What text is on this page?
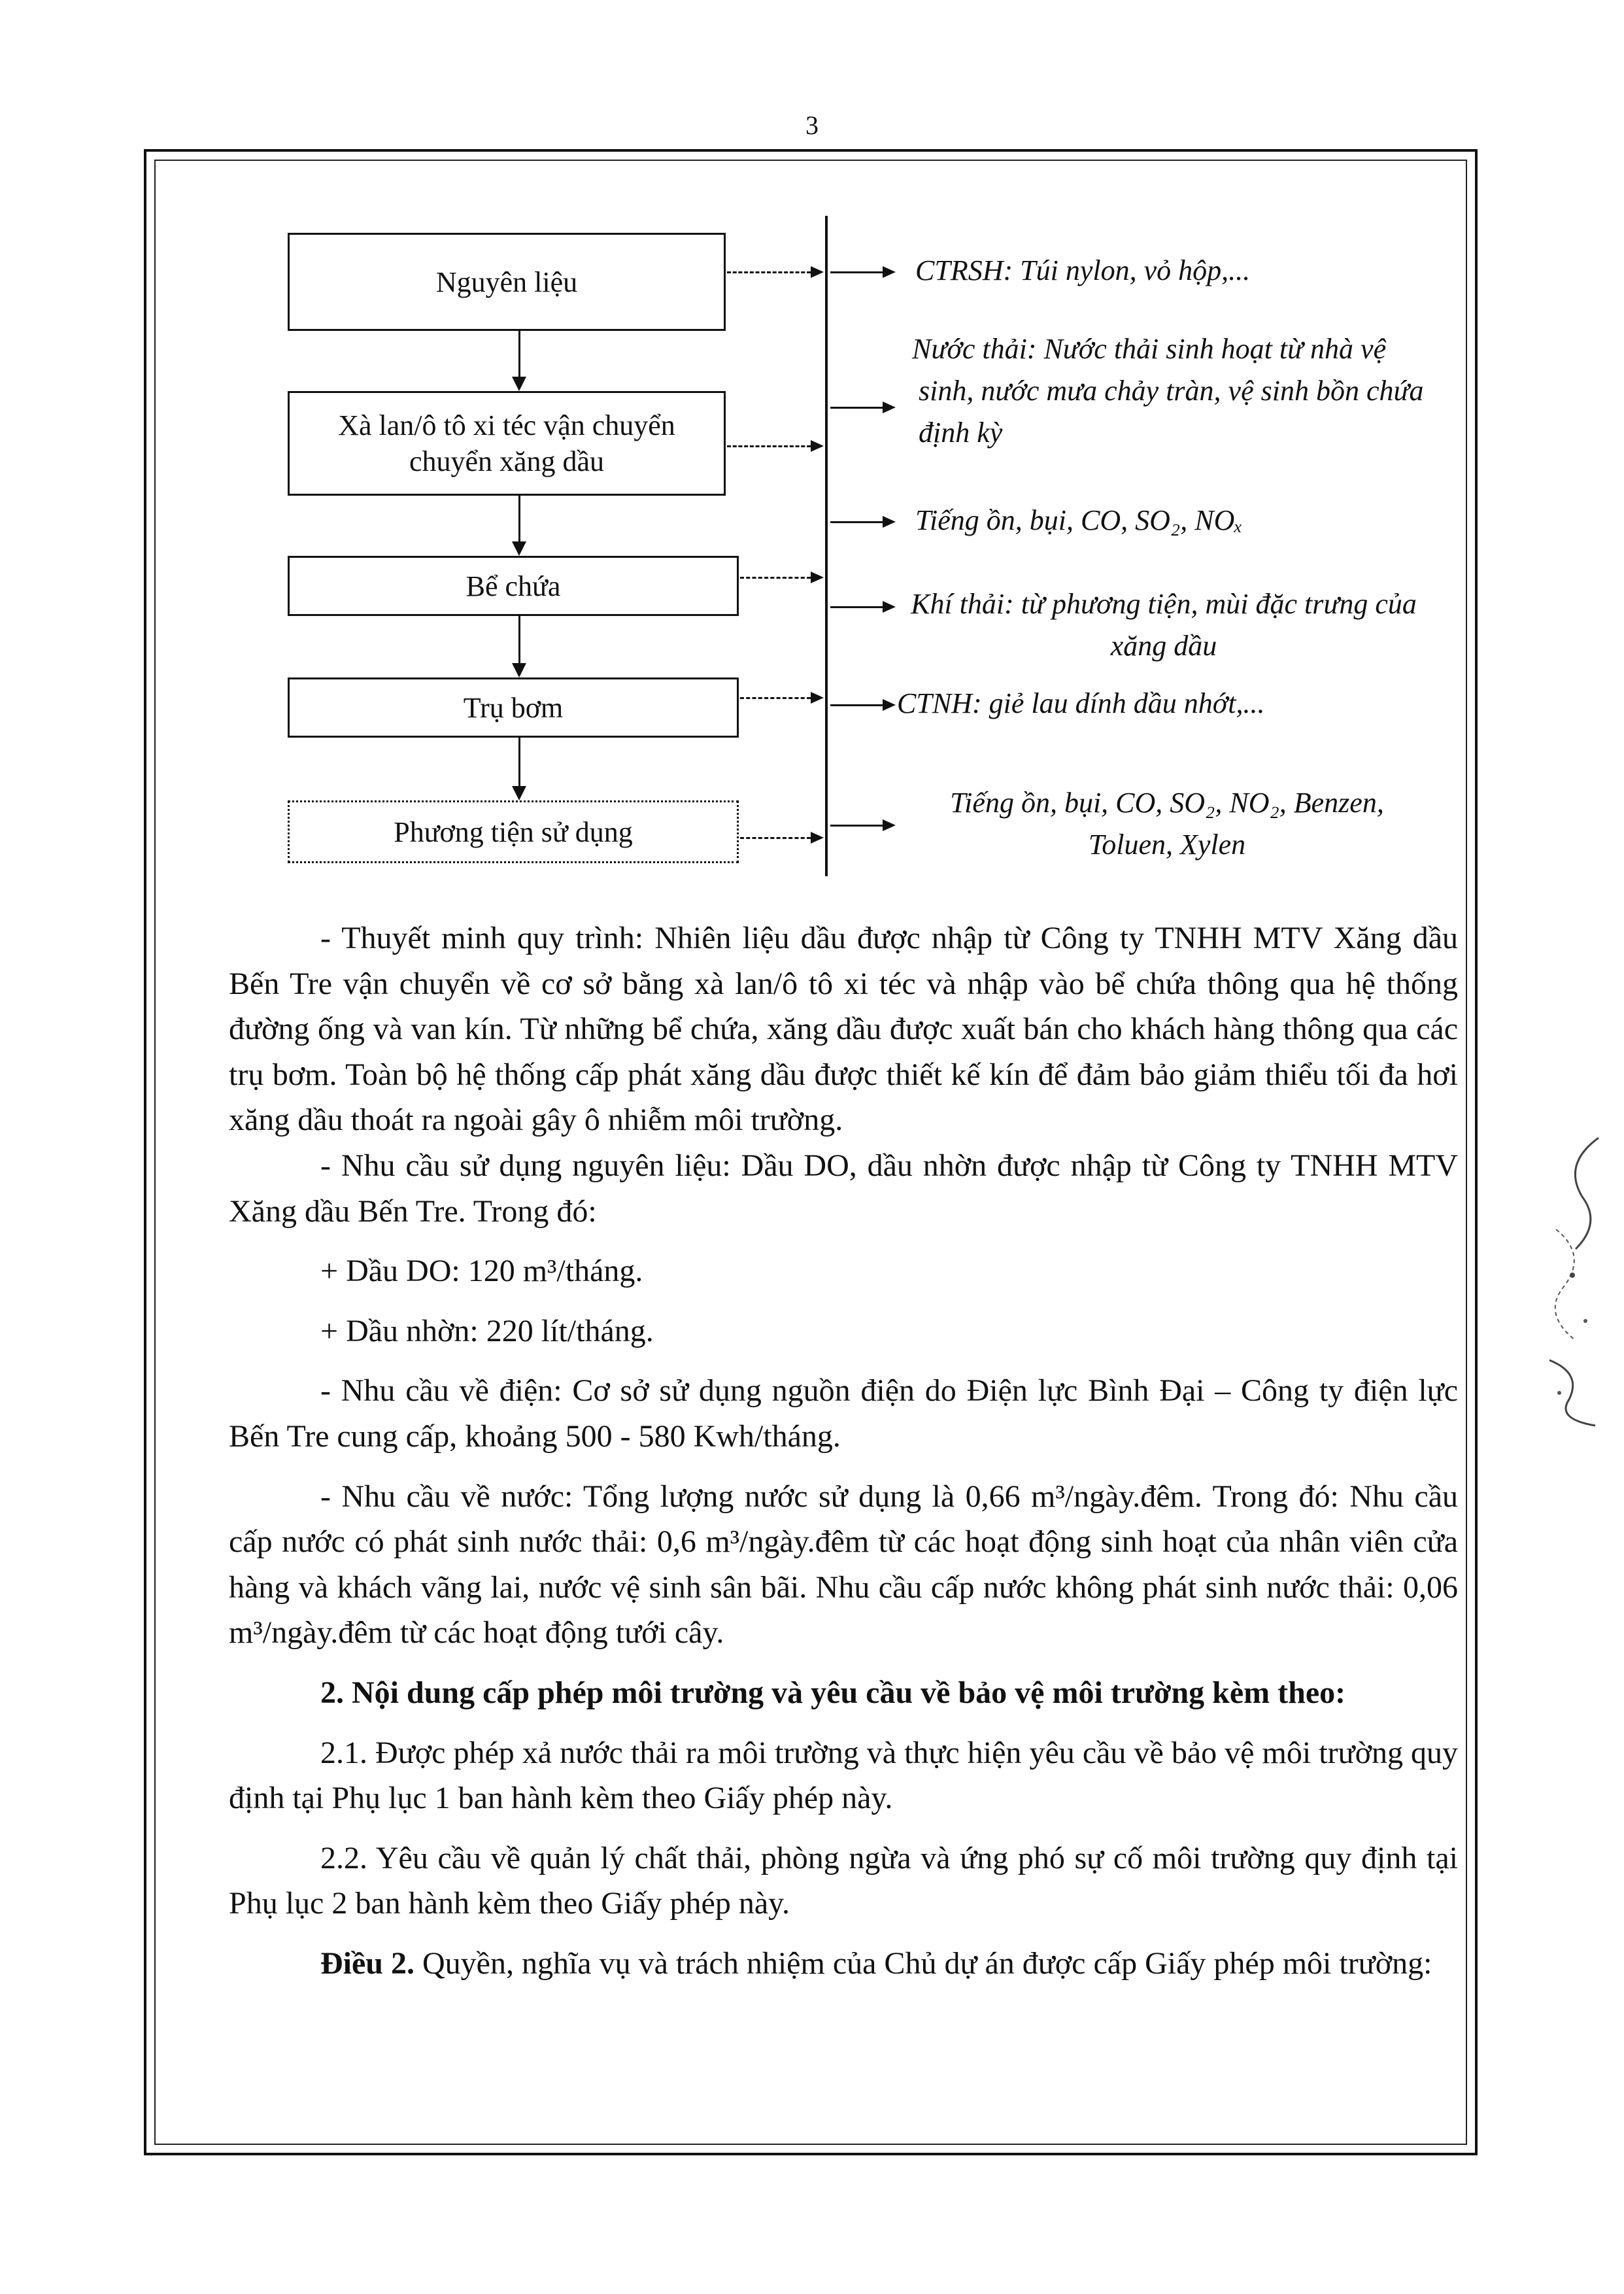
3
Nguyên liệu
Xà lan/ô tô xi téc vận chuyển chuyển xăng dầu
Bể chứa
Trụ bơm
Phương tiện sử dụng
CTRSH: Túi nylon, vỏ hộp,...
Nước thải: Nước thải sinh hoạt từ nhà vệ sinh, nước mưa chảy tràn, vệ sinh bồn chứa định kỳ
Tiếng ồn, bụi, CO, SO₂, NOₓ
Khí thải: từ phương tiện, mùi đặc trưng của xăng dầu
CTNH: giẻ lau dính dầu nhớt,...
Tiếng ồn, bụi, CO, SO₂, NO₂, Benzen, Toluen, Xylen

- Thuyết minh quy trình: Nhiên liệu dầu được nhập từ Công ty TNHH MTV Xăng dầu Bến Tre vận chuyển về cơ sở bằng xà lan/ô tô xi téc và nhập vào bể chứa thông qua hệ thống đường ống và van kín. Từ những bể chứa, xăng dầu được xuất bán cho khách hàng thông qua các trụ bơm. Toàn bộ hệ thống cấp phát xăng dầu được thiết kế kín để đảm bảo giảm thiểu tối đa hơi xăng dầu thoát ra ngoài gây ô nhiễm môi trường.

- Nhu cầu sử dụng nguyên liệu: Dầu DO, dầu nhờn được nhập từ Công ty TNHH MTV Xăng dầu Bến Tre. Trong đó:

+ Dầu DO: 120 m³/tháng.

+ Dầu nhờn: 220 lít/tháng.

- Nhu cầu về điện: Cơ sở sử dụng nguồn điện do Điện lực Bình Đại – Công ty điện lực Bến Tre cung cấp, khoảng 500 - 580 Kwh/tháng.

- Nhu cầu về nước: Tổng lượng nước sử dụng là 0,66 m³/ngày.đêm. Trong đó: Nhu cầu cấp nước có phát sinh nước thải: 0,6 m³/ngày.đêm từ các hoạt động sinh hoạt của nhân viên cửa hàng và khách vãng lai, nước vệ sinh sân bãi. Nhu cầu cấp nước không phát sinh nước thải: 0,06 m³/ngày.đêm từ các hoạt động tưới cây.

2. Nội dung cấp phép môi trường và yêu cầu về bảo vệ môi trường kèm theo:

2.1. Được phép xả nước thải ra môi trường và thực hiện yêu cầu về bảo vệ môi trường quy định tại Phụ lục 1 ban hành kèm theo Giấy phép này.

2.2. Yêu cầu về quản lý chất thải, phòng ngừa và ứng phó sự cố môi trường quy định tại Phụ lục 2 ban hành kèm theo Giấy phép này.

Điều 2. Quyền, nghĩa vụ và trách nhiệm của Chủ dự án được cấp Giấy phép môi trường:
